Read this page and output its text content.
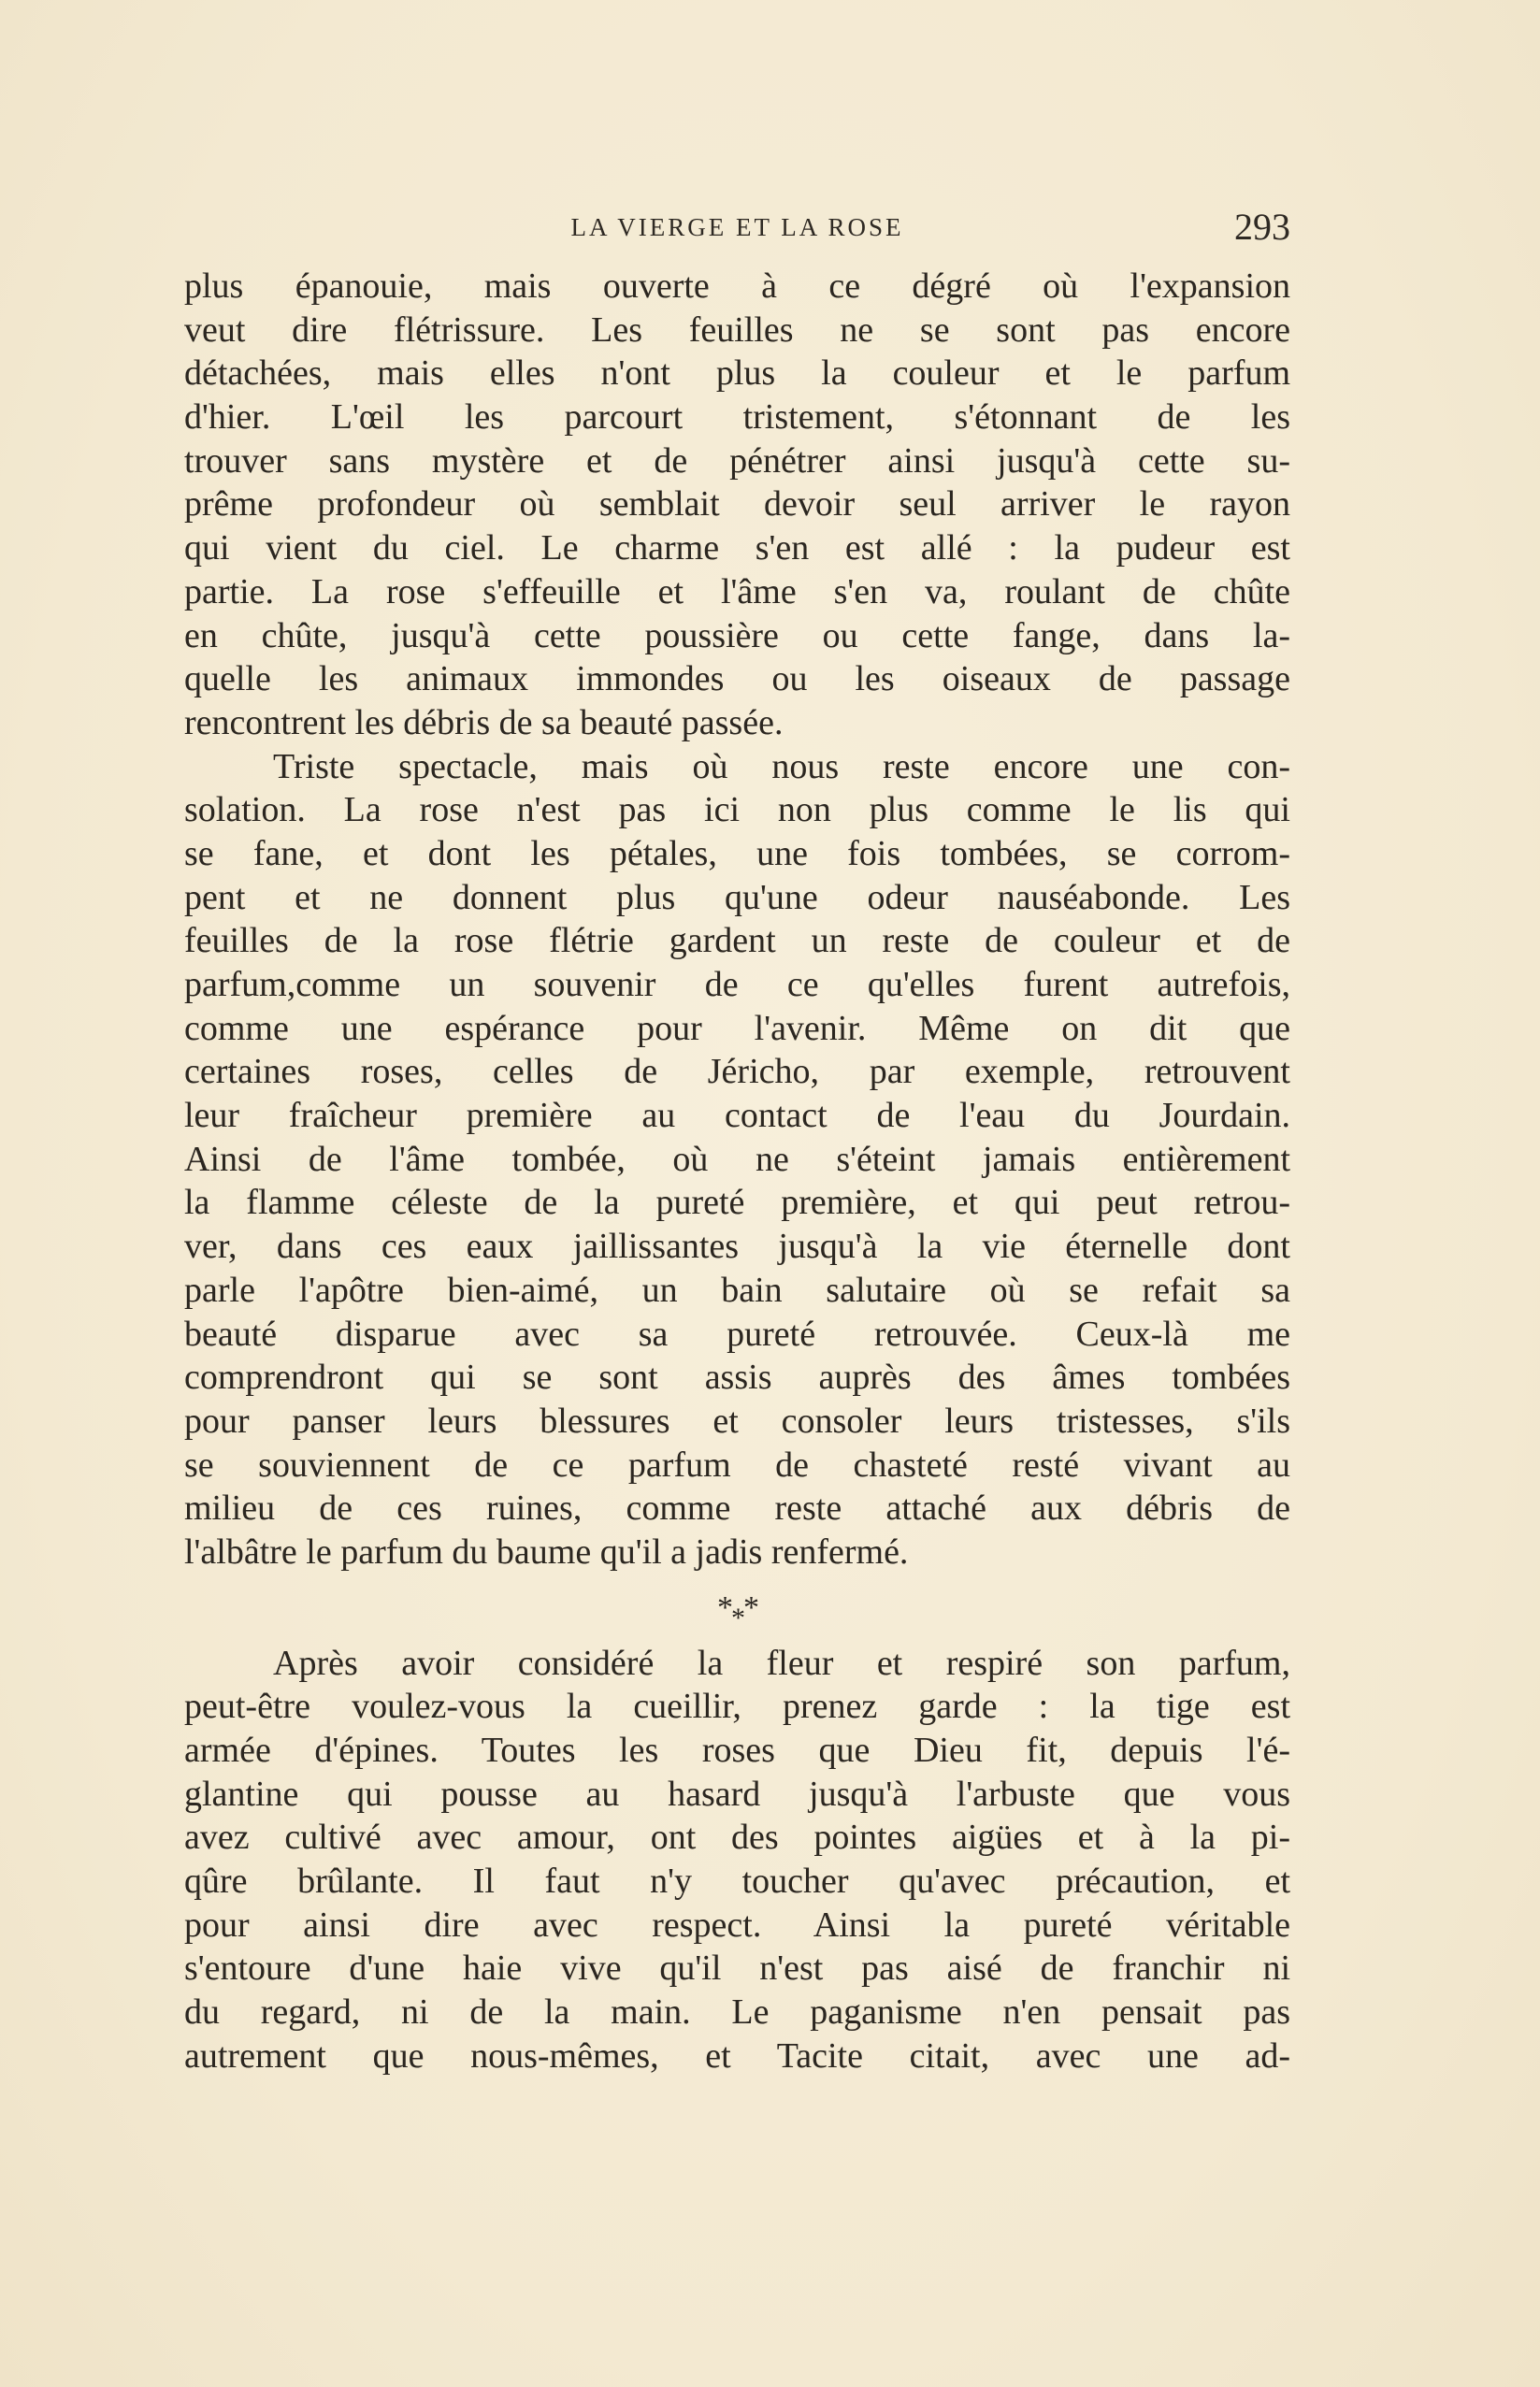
LA VIERGE ET LA ROSE	293

plus épanouie, mais ouverte à ce dégré où l'expansion
veut dire flétrissure. Les feuilles ne se sont pas encore
détachées, mais elles n'ont plus la couleur et le parfum
d'hier. L'œil les parcourt tristement, s'étonnant de les
trouver sans mystère et de pénétrer ainsi jusqu'à cette su-
prême profondeur où semblait devoir seul arriver le rayon
qui vient du ciel. Le charme s'en est allé : la pudeur est
partie. La rose s'effeuille et l'âme s'en va, roulant de chûte
en chûte, jusqu'à cette poussière ou cette fange, dans la-
quelle les animaux immondes ou les oiseaux de passage
rencontrent les débris de sa beauté passée.

Triste spectacle, mais où nous reste encore une con-
solation. La rose n'est pas ici non plus comme le lis qui
se fane, et dont les pétales, une fois tombées, se corrom-
pent et ne donnent plus qu'une odeur nauséabonde. Les
feuilles de la rose flétrie gardent un reste de couleur et de
parfum,comme un souvenir de ce qu'elles furent autrefois,
comme une espérance pour l'avenir. Même on dit que
certaines roses, celles de Jéricho, par exemple, retrouvent
leur fraîcheur première au contact de l'eau du Jourdain.
Ainsi de l'âme tombée, où ne s'éteint jamais entièrement
la flamme céleste de la pureté première, et qui peut retrou-
ver, dans ces eaux jaillissantes jusqu'à la vie éternelle dont
parle l'apôtre bien-aimé, un bain salutaire où se refait sa
beauté disparue avec sa pureté retrouvée. Ceux-là me
comprendront qui se sont assis auprès des âmes tombées
pour panser leurs blessures et consoler leurs tristesses, s'ils
se souviennent de ce parfum de chasteté resté vivant au
milieu de ces ruines, comme reste attaché aux débris de
l'albâtre le parfum du baume qu'il a jadis renfermé.

***

Après avoir considéré la fleur et respiré son parfum,
peut-être voulez-vous la cueillir, prenez garde : la tige est
armée d'épines. Toutes les roses que Dieu fit, depuis l'é-
glantine qui pousse au hasard jusqu'à l'arbuste que vous
avez cultivé avec amour, ont des pointes aigües et à la pi-
qûre brûlante. Il faut n'y toucher qu'avec précaution, et
pour ainsi dire avec respect. Ainsi la pureté véritable
s'entoure d'une haie vive qu'il n'est pas aisé de franchir ni
du regard, ni de la main. Le paganisme n'en pensait pas
autrement que nous-mêmes, et Tacite citait, avec une ad-
